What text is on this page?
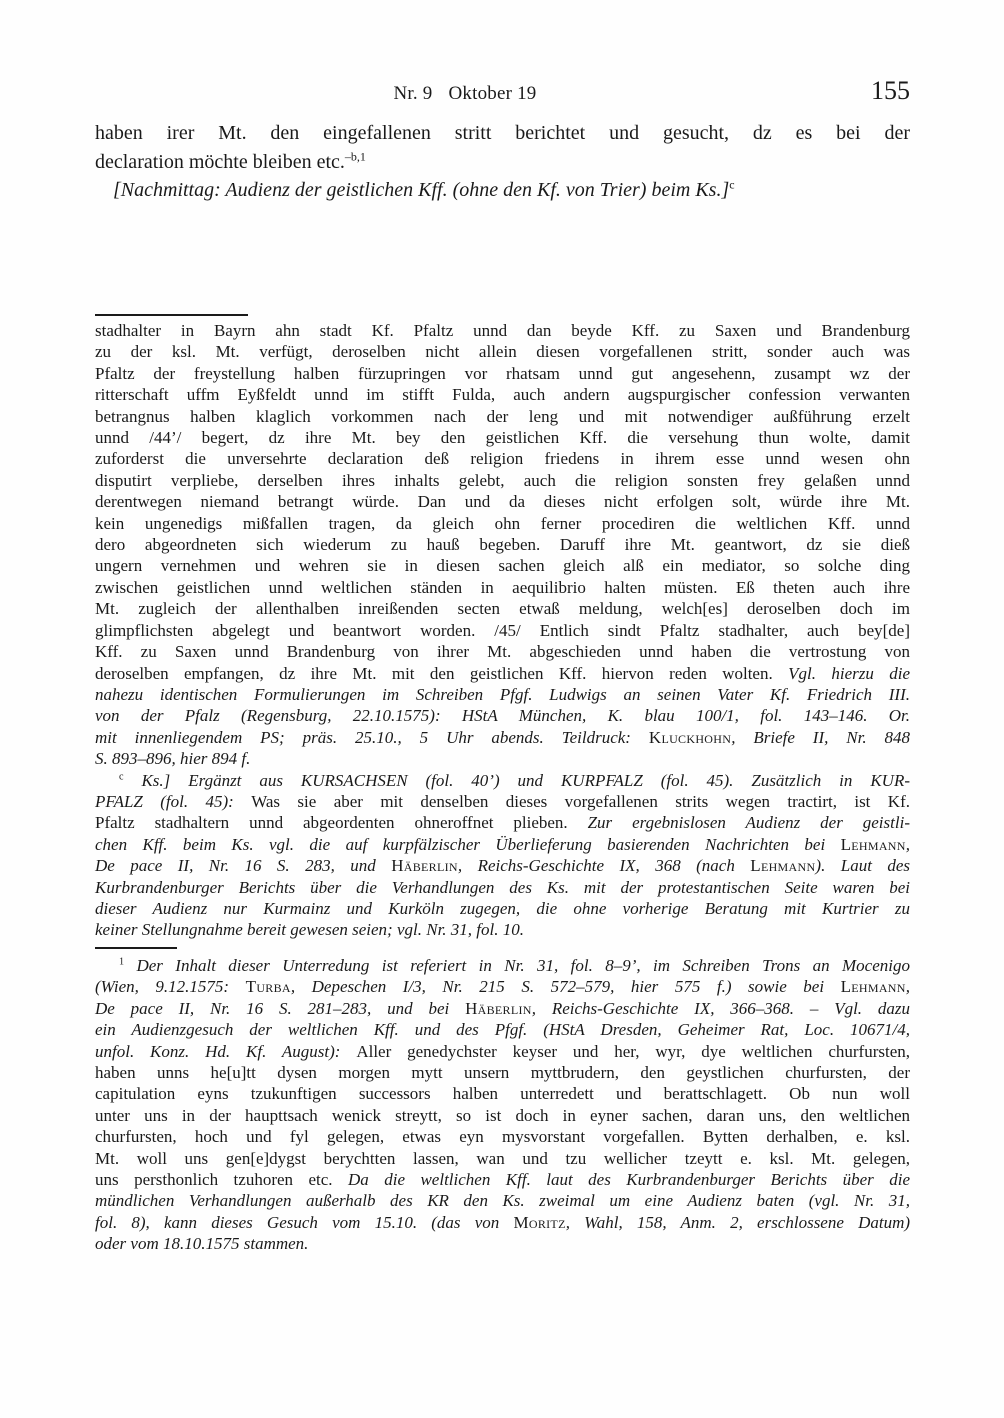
Nr. 9 Oktober 19	155
haben irer Mt. den eingefallenen stritt berichtet und gesucht, dz es bei der
declaration möchte bleiben etc.$^{-b,1}$
[Nachmittag: Audienz der geistlichen Kff. (ohne den Kf. von Trier) beim Ks.]$^c$
stadhalter in Bayrn ahn stadt Kf. Pfaltz unnd dan beyde Kff. zu Saxen und Brandenburg
zu der ksl. Mt. verfügt, deroselben nicht allein diesen vorgefallenen stritt, sonder auch was
Pfaltz der freystellung halben fürzupringen vor rhatsam unnd gut angesehenn, zusampt wz der
ritterschaft uffm Eyßfeldt unnd im stifft Fulda, auch andern augspurgischer confession verwanten
betrangnus halben klaglich vorkommen nach der leng und mit notwendiger außführung erzelt
unnd /44’/ begert, dz ihre Mt. bey den geistlichen Kff. die versehung thun wolte, damit
zuforderst die unversehrte declaration deß religion friedens in ihrem esse unnd wesen ohn
disputirt verpliebe, derselben ihres inhalts gelebt, auch die religion sonsten frey gelaßen unnd
derentwegen niemand betrangt würde. Dan und da dieses nicht erfolgen solt, würde ihre Mt.
kein ungenedigs mißfallen tragen, da gleich ohn ferner procediren die weltlichen Kff. unnd
dero abgeordneten sich wiederum zu hauß begeben. Daruff ihre Mt. geantwort, dz sie dieß
ungern vernehmen und wehren sie in diesen sachen gleich alß ein mediator, so solche ding
zwischen geistlichen unnd weltlichen ständen in aequilibrio halten müsten. Eß theten auch ihre
Mt. zugleich der allenthalben inreißenden secten etwaß meldung, welch[es] deroselben doch im
glimpflichsten abgelegt und beantwort worden. /45/ Entlich sindt Pfaltz stadhalter, auch bey[de]
Kff. zu Saxen unnd Brandenburg von ihrer Mt. abgeschieden unnd haben die vertrostung von
deroselben empfangen, dz ihre Mt. mit den geistlichen Kff. hiervon reden wolten. Vgl. hierzu die
nahezu identischen Formulierungen im Schreiben Pfgf. Ludwigs an seinen Vater Kf. Friedrich III.
von der Pfalz (Regensburg, 22.10.1575): HStA München, K. blau 100/1, fol. 143–146. Or.
mit innenliegendem PS; präs. 25.10., 5 Uhr abends. Teildruck: Kluckhohn, Briefe II, Nr. 848
S. 893–896, hier 894 f.
$^c$ Ks.] Ergänzt aus KURSACHSEN (fol. 40’) und KURPFALZ (fol. 45). Zusätzlich in KUR-
PFALZ (fol. 45): Was sie aber mit denselben dieses vorgefallenen strits wegen tractirt, ist Kf.
Pfaltz stadhaltern unnd abgeordenten ohneroffnet plieben. Zur ergebnislosen Audienz der geistli-
chen Kff. beim Ks. vgl. die auf kurpfälzischer Überlieferung basierenden Nachrichten bei Lehmann,
De pace II, Nr. 16 S. 283, und Häberlin, Reichs-Geschichte IX, 368 (nach Lehmann). Laut des
Kurbrandenburger Berichts über die Verhandlungen des Ks. mit der protestantischen Seite waren bei
dieser Audienz nur Kurmainz und Kurköln zugegen, die ohne vorherige Beratung mit Kurtrier zu
keiner Stellungnahme bereit gewesen seien; vgl. Nr. 31, fol. 10.
$^1$ Der Inhalt dieser Unterredung ist referiert in Nr. 31, fol. 8–9’, im Schreiben Trons an Mocenigo
(Wien, 9.12.1575: Turba, Depeschen I/3, Nr. 215 S. 572–579, hier 575 f.) sowie bei Lehmann,
De pace II, Nr. 16 S. 281–283, und bei Häberlin, Reichs-Geschichte IX, 366–368. – Vgl. dazu
ein Audienzgesuch der weltlichen Kff. und des Pfgf. (HStA Dresden, Geheimer Rat, Loc. 10671/4,
unfol. Konz. Hd. Kf. August): Aller genedychster keyser und her, wyr, dye weltlichen churfursten,
haben unns he[u]tt dysen morgen mytt unsern myttbrudern, den geystlichen churfursten, der
capitulation eyns tzukunftigen successors halben unterredett und berattschlagett. Ob nun woll
unter uns in der haupttsach wenick streytt, so ist doch in eyner sachen, daran uns, den weltlichen
churfursten, hoch und fyl gelegen, etwas eyn mysvorstant vorgefallen. Bytten derhalben, e. ksl.
Mt. woll uns gen[e]dygst berychtten lassen, wan und tzu wellicher tzeytt e. ksl. Mt. gelegen,
uns persthonlich tzuhoren etc. Da die weltlichen Kff. laut des Kurbrandenburger Berichts über die
mündlichen Verhandlungen außerhalb des KR den Ks. zweimal um eine Audienz baten (vgl. Nr. 31,
fol. 8), kann dieses Gesuch vom 15.10. (das von Moritz, Wahl, 158, Anm. 2, erschlossene Datum)
oder vom 18.10.1575 stammen.
